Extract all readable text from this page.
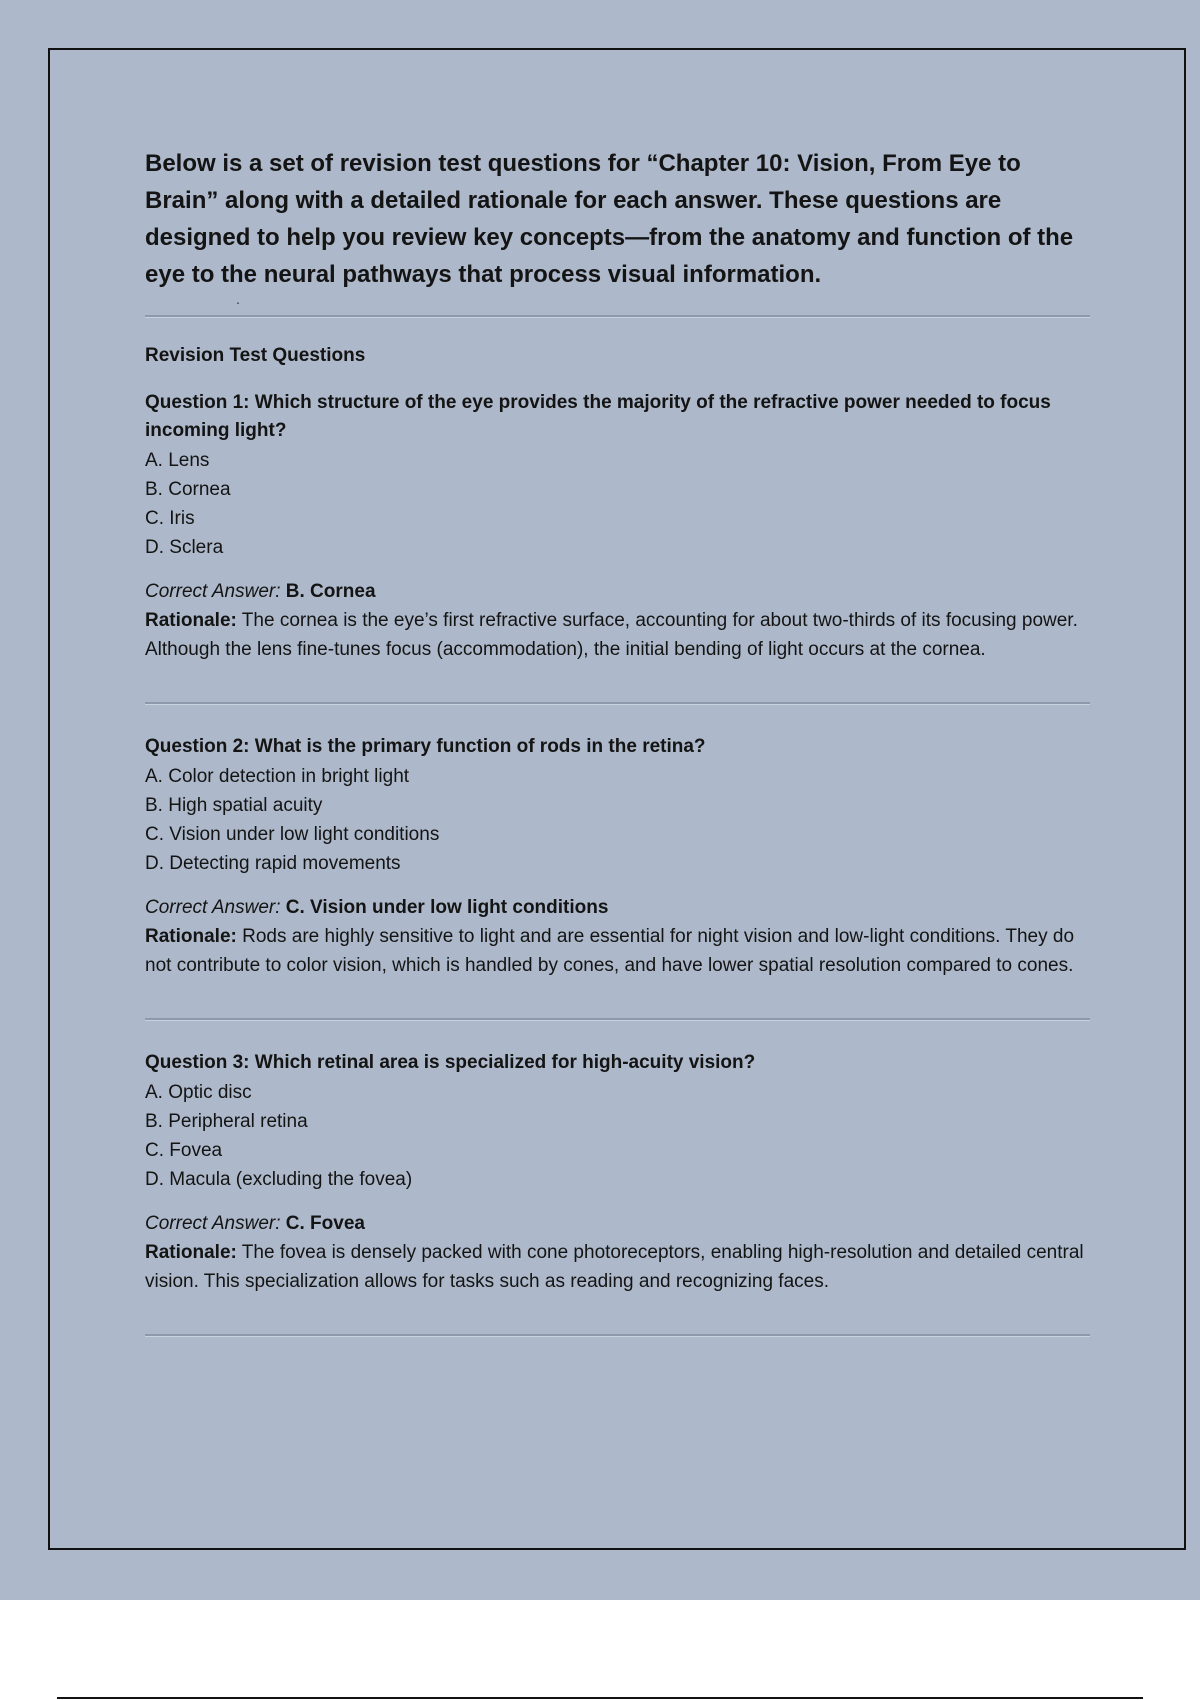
Below is a set of revision test questions for “Chapter 10: Vision, From Eye to Brain” along with a detailed rationale for each answer. These questions are designed to help you review key concepts—from the anatomy and function of the eye to the neural pathways that process visual information.

.
Revision Test Questions

Question 1: Which structure of the eye provides the majority of the refractive power needed to focus incoming light?

A. Lens
B. Cornea
C. Iris
D. Sclera
Correct Answer: B. Cornea
Rationale: The cornea is the eye’s first refractive surface, accounting for about two-thirds of its focusing power. Although the lens fine-tunes focus (accommodation), the initial bending of light occurs at the cornea.

Question 2: What is the primary function of rods in the retina?

A. Color detection in bright light
B. High spatial acuity
C. Vision under low light conditions
D. Detecting rapid movements
Correct Answer: C. Vision under low light conditions
Rationale: Rods are highly sensitive to light and are essential for night vision and low-light conditions. They do not contribute to color vision, which is handled by cones, and have lower spatial resolution compared to cones.

Question 3: Which retinal area is specialized for high-acuity vision?

A. Optic disc
B. Peripheral retina
C. Fovea
D. Macula (excluding the fovea)
Correct Answer: C. Fovea
Rationale: The fovea is densely packed with cone photoreceptors, enabling high-resolution and detailed central vision. This specialization allows for tasks such as reading and recognizing faces.
